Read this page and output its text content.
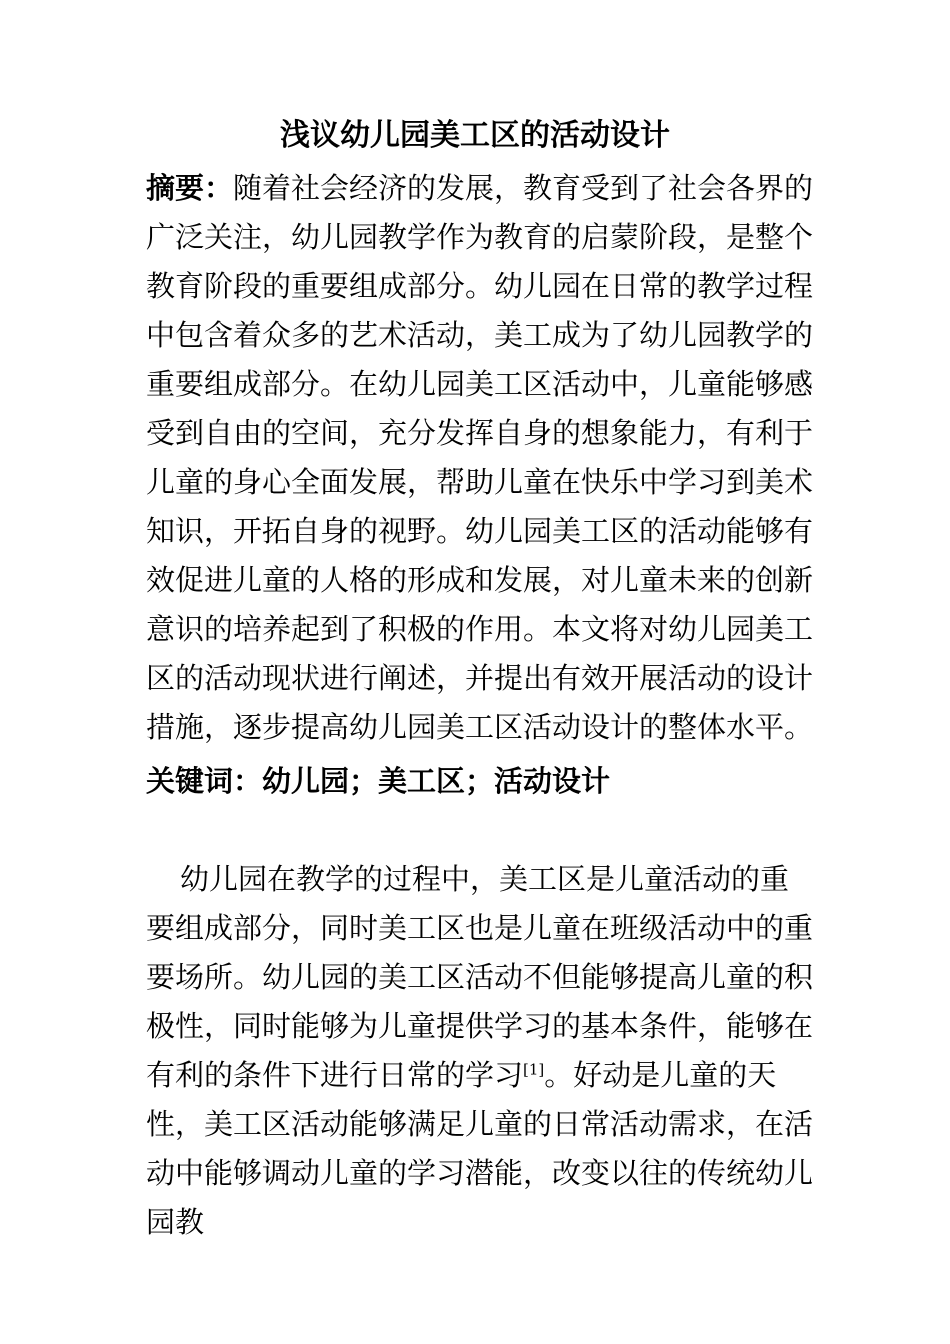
浅议幼儿园美工区的活动设计

摘要：随着社会经济的发展，教育受到了社会各界的广泛关注，幼儿园教学作为教育的启蒙阶段，是整个教育阶段的重要组成部分。幼儿园在日常的教学过程中包含着众多的艺术活动，美工成为了幼儿园教学的重要组成部分。在幼儿园美工区活动中，儿童能够感受到自由的空间，充分发挥自身的想象能力，有利于儿童的身心全面发展，帮助儿童在快乐中学习到美术知识，开拓自身的视野。幼儿园美工区的活动能够有效促进儿童的人格的形成和发展，对儿童未来的创新意识的培养起到了积极的作用。本文将对幼儿园美工区的活动现状进行阐述，并提出有效开展活动的设计措施，逐步提高幼儿园美工区活动设计的整体水平。

关键词：幼儿园；美工区；活动设计

幼儿园在教学的过程中，美工区是儿童活动的重要组成部分，同时美工区也是儿童在班级活动中的重要场所。幼儿园的美工区活动不但能够提高儿童的积极性，同时能够为儿童提供学习的基本条件，能够在有利的条件下进行日常的学习[1]。好动是儿童的天性，美工区活动能够满足儿童的日常活动需求，在活动中能够调动儿童的学习潜能，改变以往的传统幼儿园教
